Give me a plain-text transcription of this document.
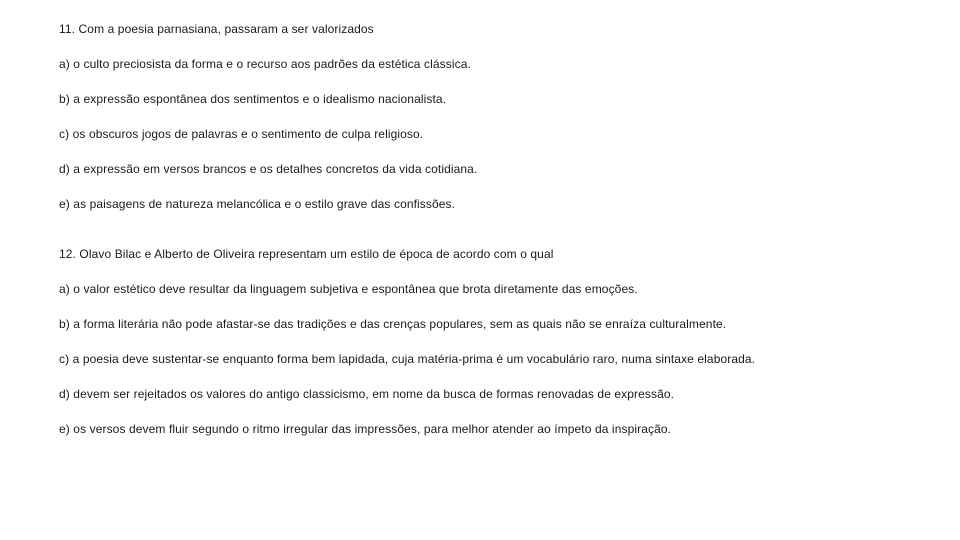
11. Com a poesia parnasiana, passaram a ser valorizados

a) o culto preciosista da forma e o recurso aos padrões da estética clássica.

b) a expressão espontânea dos sentimentos e o idealismo nacionalista.

c) os obscuros jogos de palavras e o sentimento de culpa religioso.

d) a expressão em versos brancos e os detalhes concretos da vida cotidiana.

e) as paisagens de natureza melancólica e o estilo grave das confissões.

12. Olavo Bilac e Alberto de Oliveira representam um estilo de época de acordo com o qual

a) o valor estético deve resultar da linguagem subjetiva e espontânea que brota diretamente das emoções.

b) a forma literária não pode afastar-se das tradições e das crenças populares, sem as quais não se enraíza culturalmente.

c) a poesia deve sustentar-se enquanto forma bem lapidada, cuja matéria-prima é um vocabulário raro, numa sintaxe elaborada.

d) devem ser rejeitados os valores do antigo classicismo, em nome da busca de formas renovadas de expressão.

e) os versos devem fluir segundo o ritmo irregular das impressões, para melhor atender ao ímpeto da inspiração.
